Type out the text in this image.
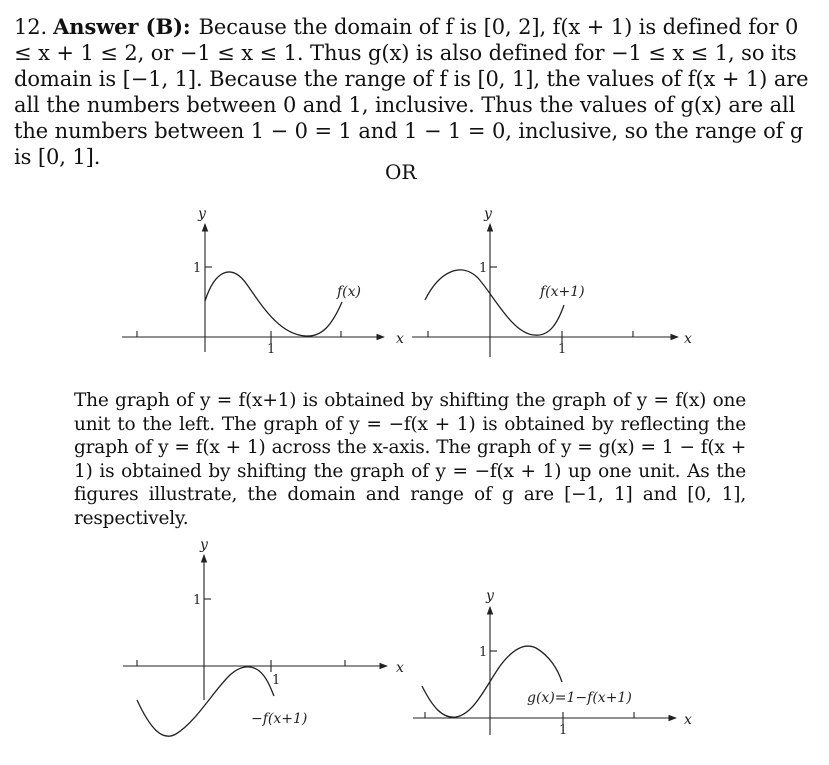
12. Answer (B): Because the domain of f is [0, 2], f(x + 1) is defined for 0 ≤ x + 1 ≤ 2, or −1 ≤ x ≤ 1. Thus g(x) is also defined for −1 ≤ x ≤ 1, so its domain is [−1, 1]. Because the range of f is [0, 1], the values of f(x + 1) are all the numbers between 0 and 1, inclusive. Thus the values of g(x) are all the numbers between 1 − 0 = 1 and 1 − 1 = 0, inclusive, so the range of g is [0, 1].
OR
The graph of y = f(x+1) is obtained by shifting the graph of y = f(x) one unit to the left. The graph of y = −f(x + 1) is obtained by reflecting the graph of y = f(x + 1) across the x-axis. The graph of y = g(x) = 1 − f(x + 1) is obtained by shifting the graph of y = −f(x + 1) up one unit. As the figures illustrate, the domain and range of g are [−1, 1] and [0, 1], respectively.
y
1
1
x
f(x)
y
1
1
x
f(x+1)
y
1
1
x
−f(x+1)
y
1
1
x
g(x)=1−f(x+1)
